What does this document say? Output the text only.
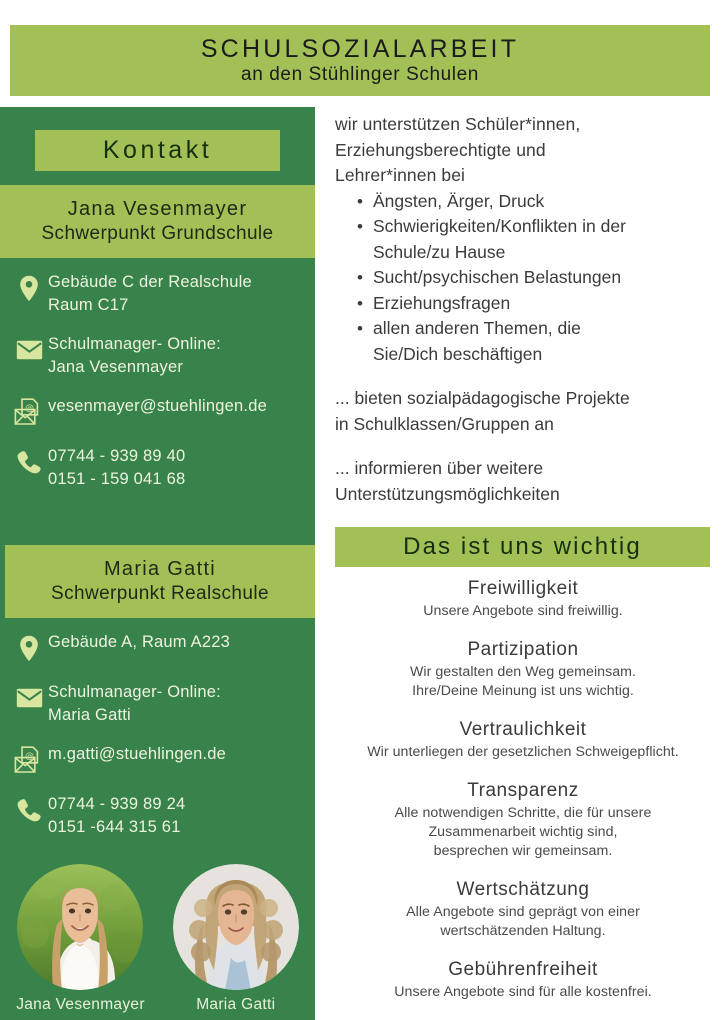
SCHULSOZIALARBEIT
an den Stühlinger Schulen
Kontakt
Jana Vesenmayer
Schwerpunkt Grundschule
Gebäude C der Realschule
Raum C17
Schulmanager- Online:
Jana Vesenmayer
@ vesenmayer@stuehlingen.de
07744 - 939 89 40
0151 - 159 041 68
Maria Gatti
Schwerpunkt Realschule
Gebäude A, Raum A223
Schulmanager- Online:
Maria Gatti
@ m.gatti@stuehlingen.de
07744 - 939 89 24
0151 -644 315 61
Jana Vesenmayer	Maria Gatti
wir unterstützen Schüler*innen,
Erziehungsberechtigte und
Lehrer*innen bei
• Ängsten, Ärger, Druck
• Schwierigkeiten/Konflikten in der
Schule/zu Hause
• Sucht/psychischen Belastungen
• Erziehungsfragen
• allen anderen Themen, die
Sie/Dich beschäftigen
... bieten sozialpädagogische Projekte
in Schulklassen/Gruppen an
... informieren über weitere
Unterstützungsmöglichkeiten
Das ist uns wichtig
Freiwilligkeit
Unsere Angebote sind freiwillig.
Partizipation
Wir gestalten den Weg gemeinsam.
Ihre/Deine Meinung ist uns wichtig.
Vertraulichkeit
Wir unterliegen der gesetzlichen Schweigepflicht.
Transparenz
Alle notwendigen Schritte, die für unsere
Zusammenarbeit wichtig sind,
besprechen wir gemeinsam.
Wertschätzung
Alle Angebote sind geprägt von einer
wertschätzenden Haltung.
Gebührenfreiheit
Unsere Angebote sind für alle kostenfrei.
